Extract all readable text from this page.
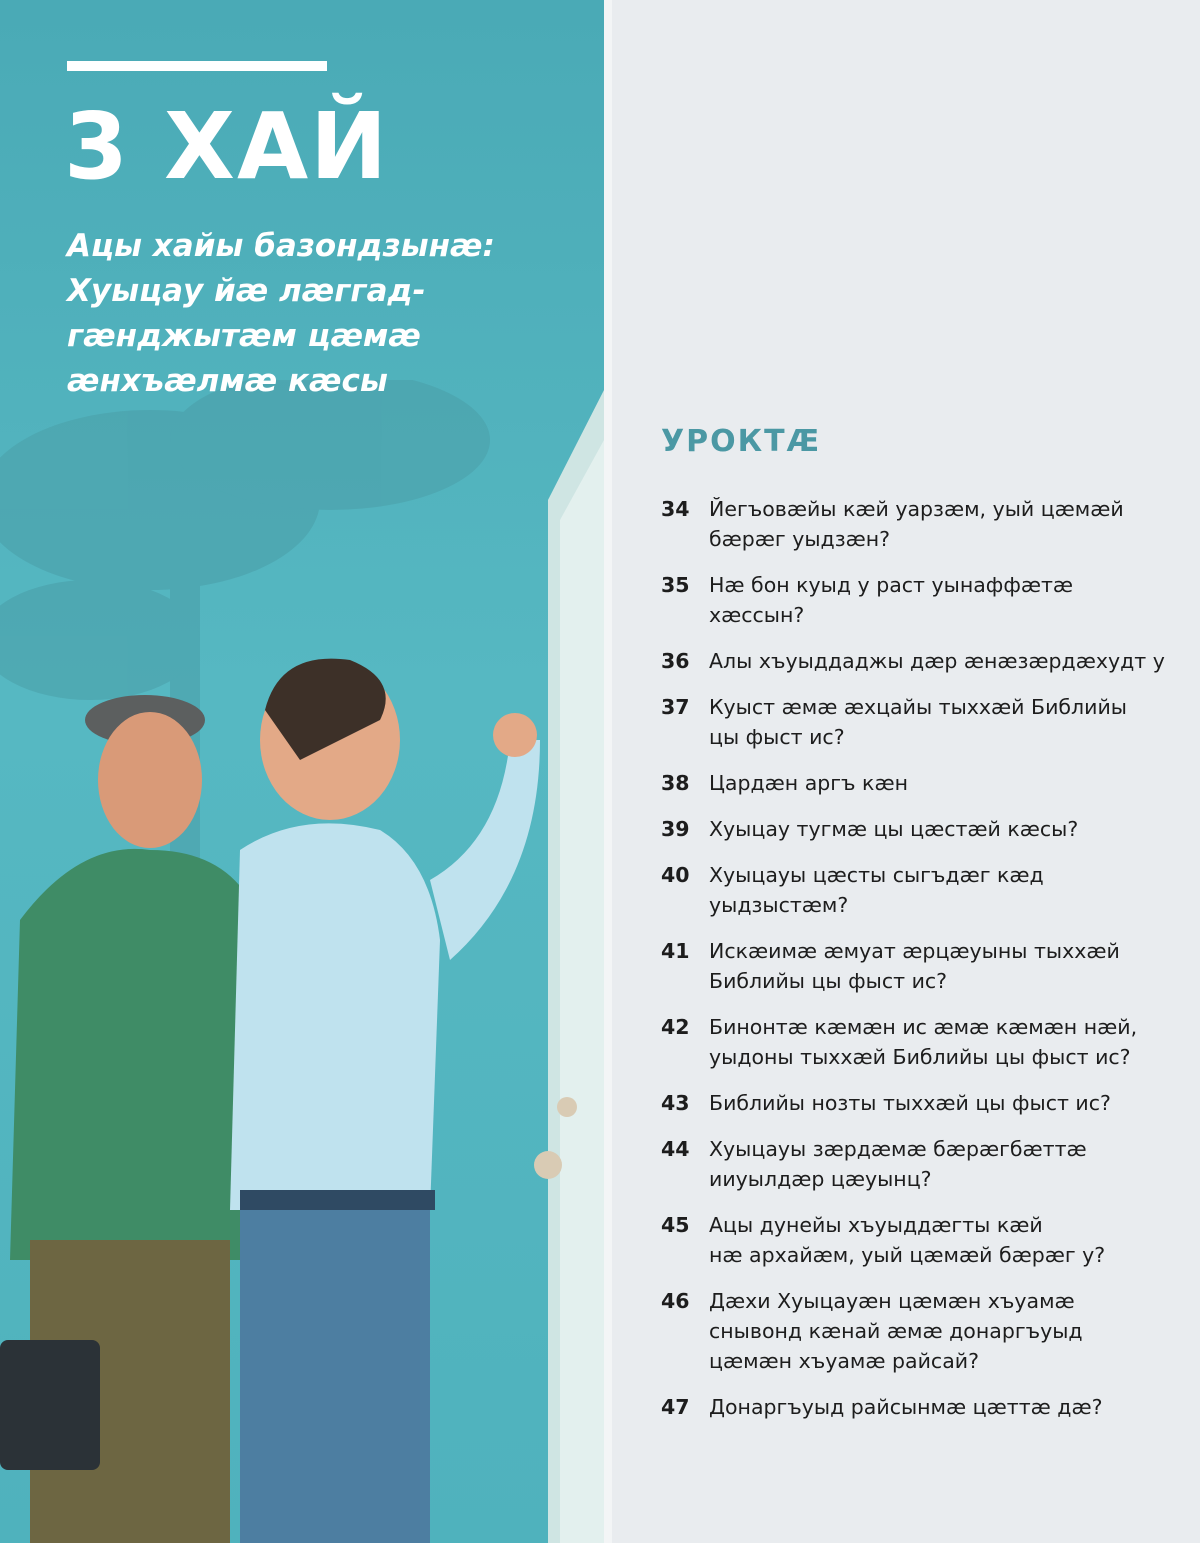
3 ХАЙ
Ацы хайы базондзынæ:
Хуыцау йæ лæггад-
гæнджытæм цæмæ
æнхъæлмæ кæсы
УРОКТÆ
34 Йегъовæйы кæй уарзæм, уый цæмæй
бæрæг уыдзæн?
35 Нæ бон куыд у раст уынаффæтæ
хæссын?
36 Алы хъуыддаджы дæр æнæзæрдæхудт у
37 Куыст æмæ æхцайы тыххæй Библийы
цы фыст ис?
38 Цардæн аргъ кæн
39 Хуыцау тугмæ цы цæстæй кæсы?
40 Хуыцауы цæсты сыгъдæг кæд
уыдзыстæм?
41 Искæимæ æмуат æрцæуыны тыххæй
Библийы цы фыст ис?
42 Бинонтæ кæмæн ис æмæ кæмæн нæй,
уыдоны тыххæй Библийы цы фыст ис?
43 Библийы нозты тыххæй цы фыст ис?
44 Хуыцауы зæрдæмæ бæрæгбæттæ
ииуылдæр цæуынц?
45 Ацы дунейы хъуыддæгты кæй
нæ архайæм, уый цæмæй бæрæг у?
46 Дæхи Хуыцауæн цæмæн хъуамæ
снывонд кæнай æмæ донаргъуыд
цæмæн хъуамæ райсай?
47 Донаргъуыд райсынмæ цæттæ дæ?
